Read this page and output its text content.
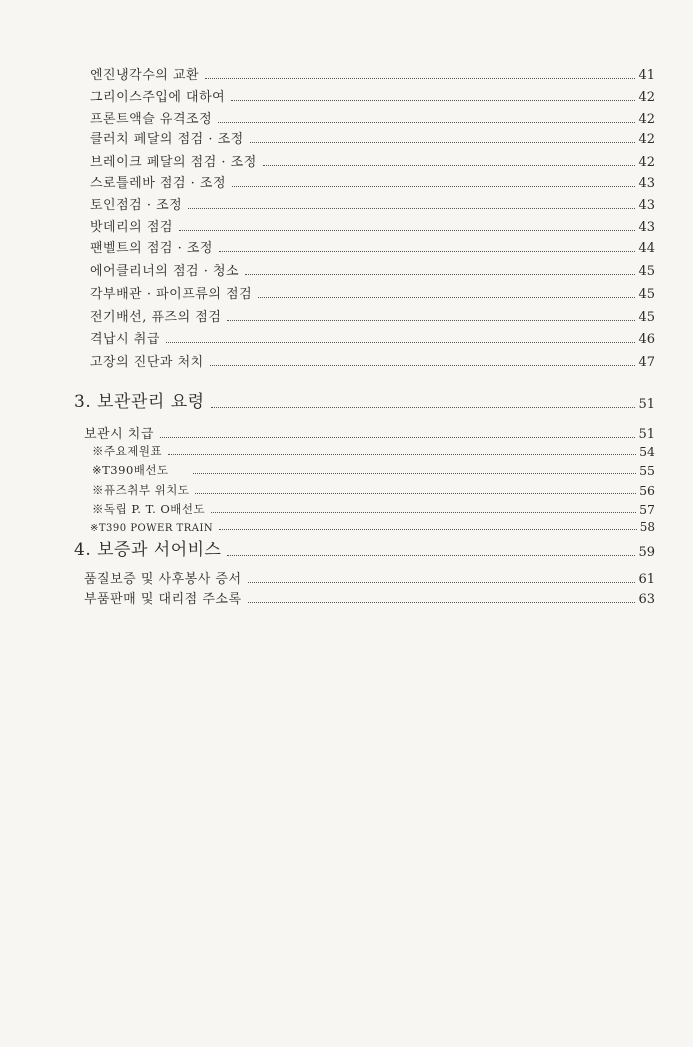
엔진냉각수의 교환	41
그리이스주입에 대하여	42
프론트액슬 유격조정	42
클러치 페달의 점검 · 조정	42
브레이크 페달의 점검 · 조정	42
스로틀레바 점검 · 조정	43
토인점검 · 조정	43
밧데리의 점검	43
팬벨트의 점검 · 조정	44
에어클리너의 점검 · 청소	45
각부배관 · 파이프류의 점검	45
전기배선, 퓨즈의 점검	45
격납시 취급	46
고장의 진단과 처치	47
3. 보관관리 요령	51
보관시 치급	51
※주요제원표	54
※T390배선도	55
※퓨즈취부 위치도	56
※독립 P. T. O배선도	57
※T390 POWER TRAIN	58
4. 보증과 서어비스	59
품질보증 및 사후봉사 증서	61
부품판매 및 대리점 주소록	63
